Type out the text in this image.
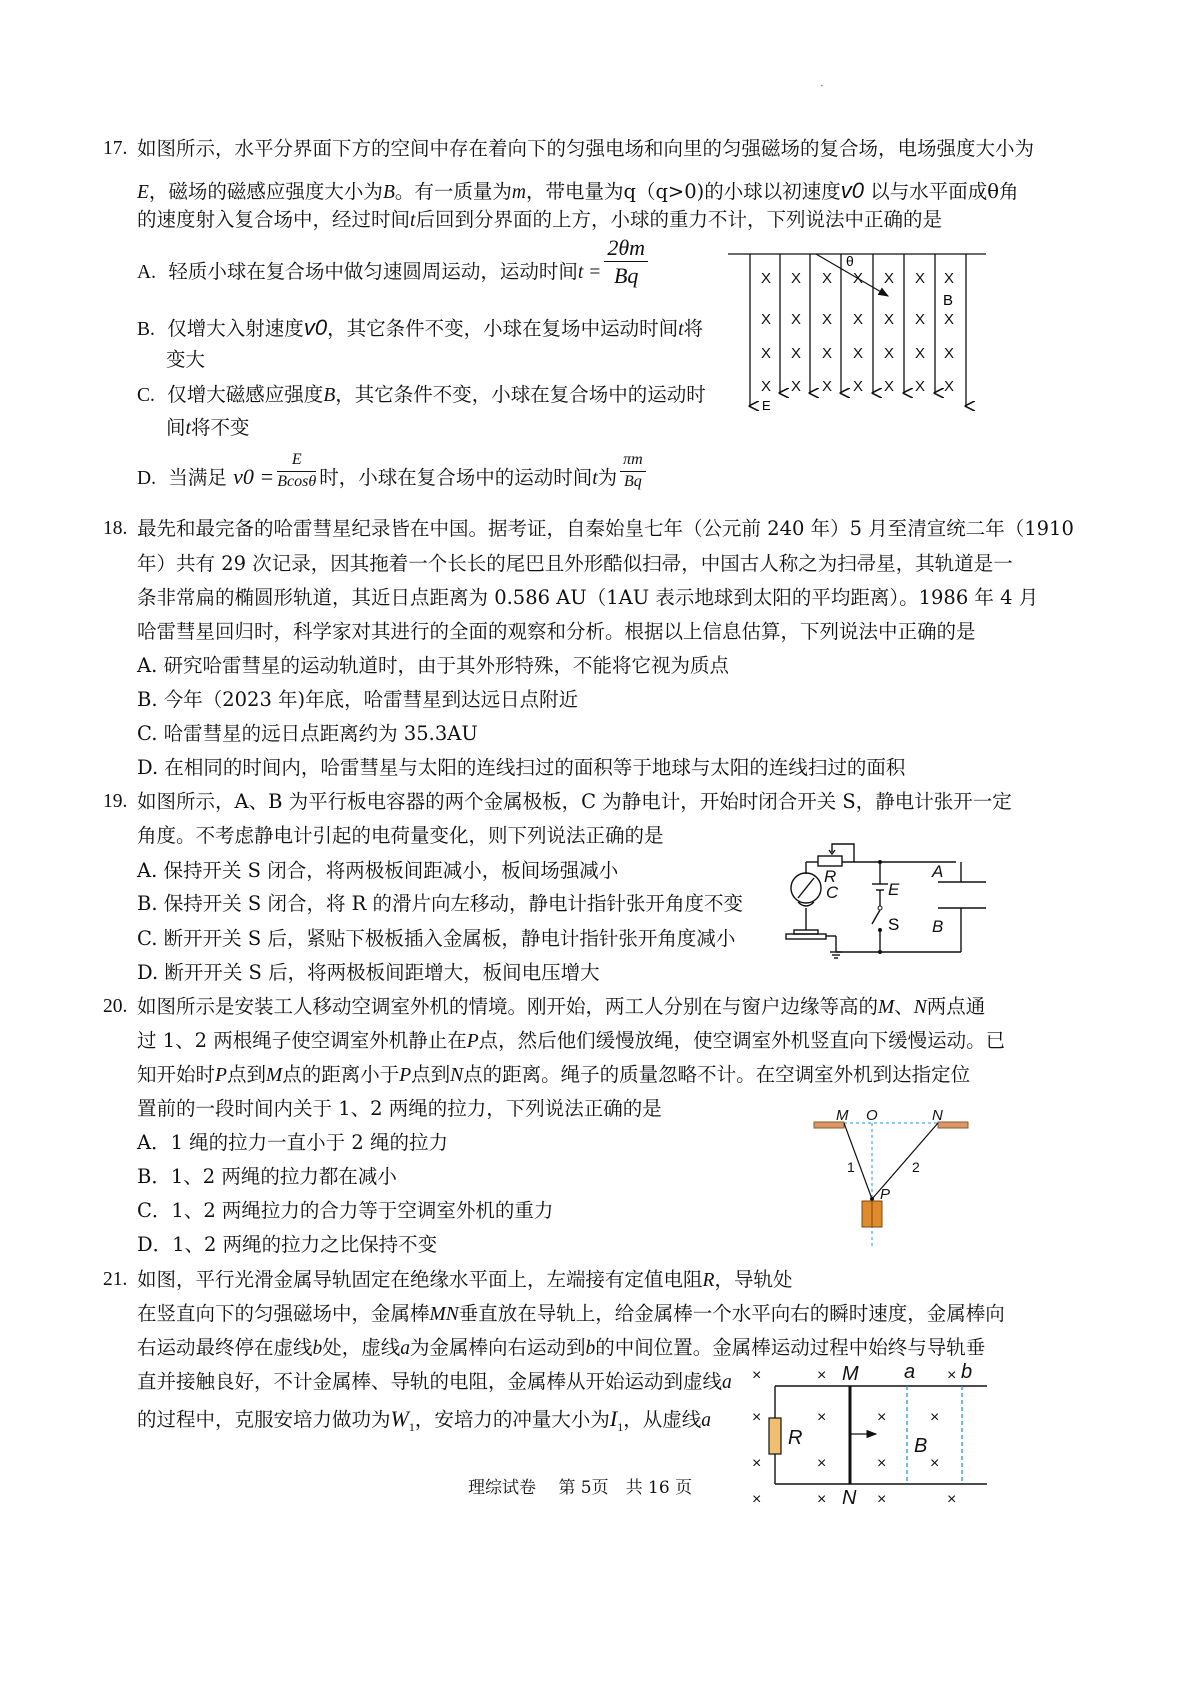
·
17. 如图所示，水平分界面下方的空间中存在着向下的匀强电场和向里的匀强磁场的复合场，电场强度大小为
E，磁场的磁感应强度大小为B。有一质量为m，带电量为q（q>0)的小球以初速度v0 以与水平面成θ角
的速度射入复合场中，经过时间t后回到分界面的上方，小球的重力不计，下列说法中正确的是
A. 轻质小球在复合场中做匀速圆周运动，运动时间$t = \frac{2\theta m}{Bq}$
B. 仅增大入射速度v0，其它条件不变，小球在复场中运动时间t将
变大
C. 仅增大磁感应强度B，其它条件不变，小球在复合场中的运动时
间t将不变
D. 当满足 $v0 = \frac{E}{Bcos\theta}$ 时，小球在复合场中的运动时间t为 $\frac{\pi m}{Bq}$
θ
X X X X X X X
X X X X X X X
X X X X X X X
X X X X X X X
B
E
18. 最先和最完备的哈雷彗星纪录皆在中国。据考证，自秦始皇七年（公元前 240 年）5 月至清宣统二年（1910
年）共有 29 次记录，因其拖着一个长长的尾巴且外形酷似扫帚，中国古人称之为扫帚星，其轨道是一
条非常扁的椭圆形轨道，其近日点距离为 0.586 AU（1AU 表示地球到太阳的平均距离）。1986 年 4 月
哈雷彗星回归时，科学家对其进行的全面的观察和分析。根据以上信息估算，下列说法中正确的是
A. 研究哈雷彗星的运动轨道时，由于其外形特殊，不能将它视为质点
B. 今年（2023 年)年底，哈雷彗星到达远日点附近
C. 哈雷彗星的远日点距离约为 35.3AU
D. 在相同的时间内，哈雷彗星与太阳的连线扫过的面积等于地球与太阳的连线扫过的面积
19. 如图所示，A、B 为平行板电容器的两个金属极板，C 为静电计，开始时闭合开关 S，静电计张开一定
角度。不考虑静电计引起的电荷量变化，则下列说法正确的是
A. 保持开关 S 闭合，将两极板间距减小，板间场强减小
B. 保持开关 S 闭合，将 R 的滑片向左移动，静电计指针张开角度不变
C. 断开开关 S 后，紧贴下极板插入金属板，静电计指针张开角度减小
D. 断开开关 S 后，将两极板间距增大，板间电压增大
R
C	E
A
B
S
20. 如图所示是安装工人移动空调室外机的情境。刚开始，两工人分别在与窗户边缘等高的M、N两点通
过 1、2 两根绳子使空调室外机静止在P点，然后他们缓慢放绳，使空调室外机竖直向下缓慢运动。已
知开始时P点到M点的距离小于P点到N点的距离。绳子的质量忽略不计。在空调室外机到达指定位
置前的一段时间内关于 1、2 两绳的拉力，下列说法正确的是
A．1 绳的拉力一直小于 2 绳的拉力
B．1、2 两绳的拉力都在减小
C．1、2 两绳拉力的合力等于空调室外机的重力
D．1、2 两绳的拉力之比保持不变
M O	N
P
1	2
21. 如图，平行光滑金属导轨固定在绝缘水平面上，左端接有定值电阻R，导轨处
在竖直向下的匀强磁场中，金属棒MN垂直放在导轨上，给金属棒一个水平向右的瞬时速度，金属棒向
右运动最终停在虚线b处，虚线a为金属棒向右运动到b的中间位置。金属棒运动过程中始终与导轨垂
直并接触良好，不计金属棒、导轨的电阻，金属棒从开始运动到虚线a
的过程中，克服安培力做功为$W_1$，安培力的冲量大小为$I_1$，从虚线a
×	×	×
×	×	×	×
×	×	×	×
×	×	×	×
M
N
a b
R	B
理综试卷　 第 5页　共 16 页
